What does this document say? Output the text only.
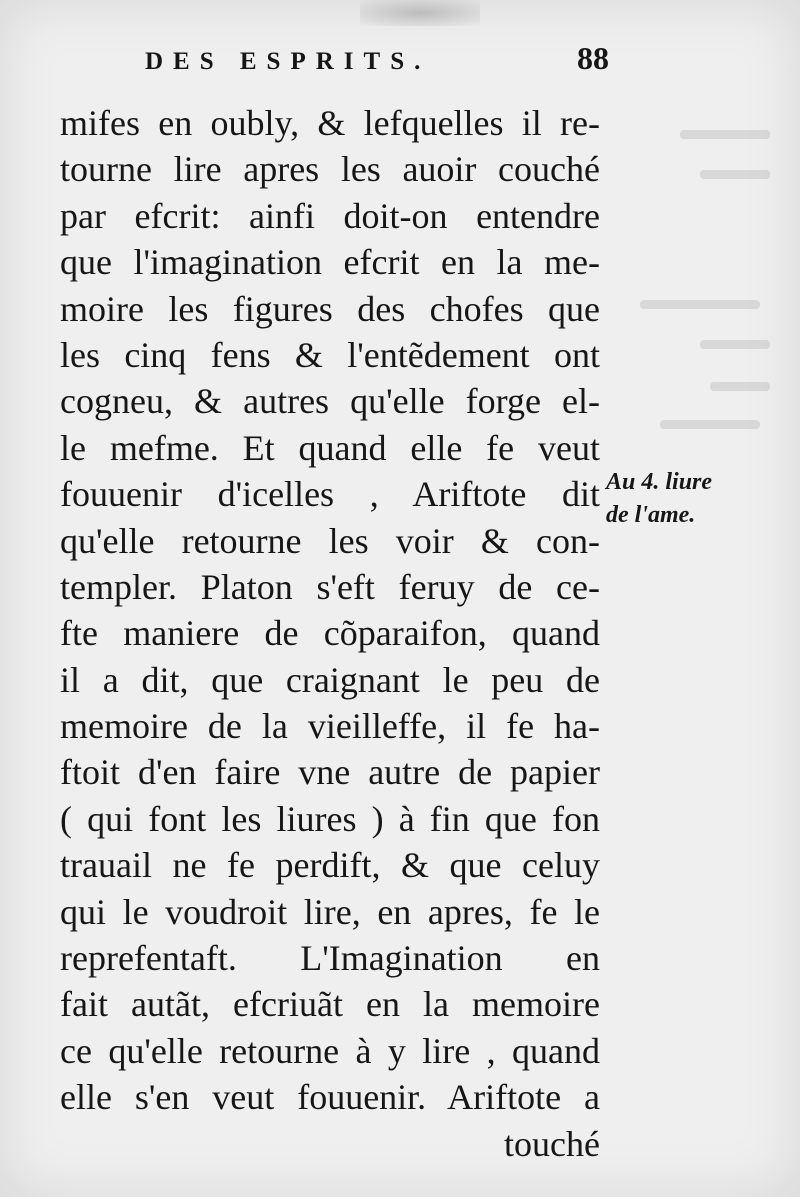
DES ESPRITS.	88
mifes en oubly, & lefquelles il re-
tourne lire apres les auoir couché
par efcrit: ainfi doit-on entendre
que l'imagination efcrit en la me-
moire les figures des chofes que
les cinq fens & l'entẽdement ont
cogneu, & autres qu'elle forge el-
le mefme. Et quand elle fe veut
fouuenir d'icelles , Ariftote dit
qu'elle retourne les voir & con-
templer. Platon s'eft feruy de ce-
fte maniere de cõparaifon, quand
il a dit, que craignant le peu de
memoire de la vieilleffe, il fe ha-
ftoit d'en faire vne autre de papier
( qui font les liures ) à fin que fon
trauail ne fe perdift, & que celuy
qui le voudroit lire, en apres, fe le
reprefentaft. L'Imagination en
fait autãt, efcriuãt en la memoire
ce qu'elle retourne à y lire , quand
elle s'en veut fouuenir. Ariftote a
touché
Au 4. liure
de l'ame.
